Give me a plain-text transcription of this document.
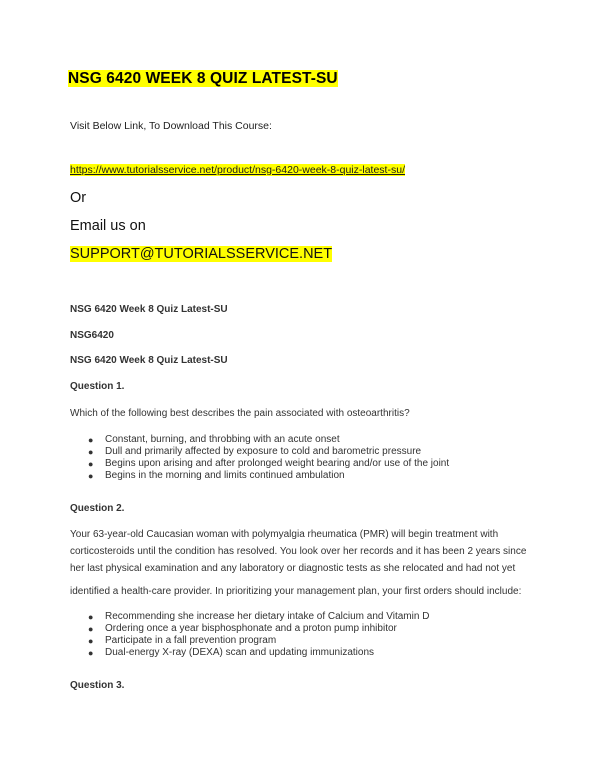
NSG 6420 WEEK 8 QUIZ LATEST-SU
Visit Below Link, To Download This Course:
https://www.tutorialsservice.net/product/nsg-6420-week-8-quiz-latest-su/
Or
Email us on
SUPPORT@TUTORIALSSERVICE.NET
NSG 6420 Week 8 Quiz Latest-SU
NSG6420
NSG 6420 Week 8 Quiz Latest-SU
Question 1.
Which of the following best describes the pain associated with osteoarthritis?
● Constant, burning, and throbbing with an acute onset
● Dull and primarily affected by exposure to cold and barometric pressure
● Begins upon arising and after prolonged weight bearing and/or use of the joint
● Begins in the morning and limits continued ambulation
Question 2.
Your 63-year-old Caucasian woman with polymyalgia rheumatica (PMR) will begin treatment with
corticosteroids until the condition has resolved. You look over her records and it has been 2 years since
her last physical examination and any laboratory or diagnostic tests as she relocated and had not yet
identified a health-care provider. In prioritizing your management plan, your first orders should include:
● Recommending she increase her dietary intake of Calcium and Vitamin D
● Ordering once a year bisphosphonate and a proton pump inhibitor
● Participate in a fall prevention program
● Dual-energy X-ray (DEXA) scan and updating immunizations
Question 3.
